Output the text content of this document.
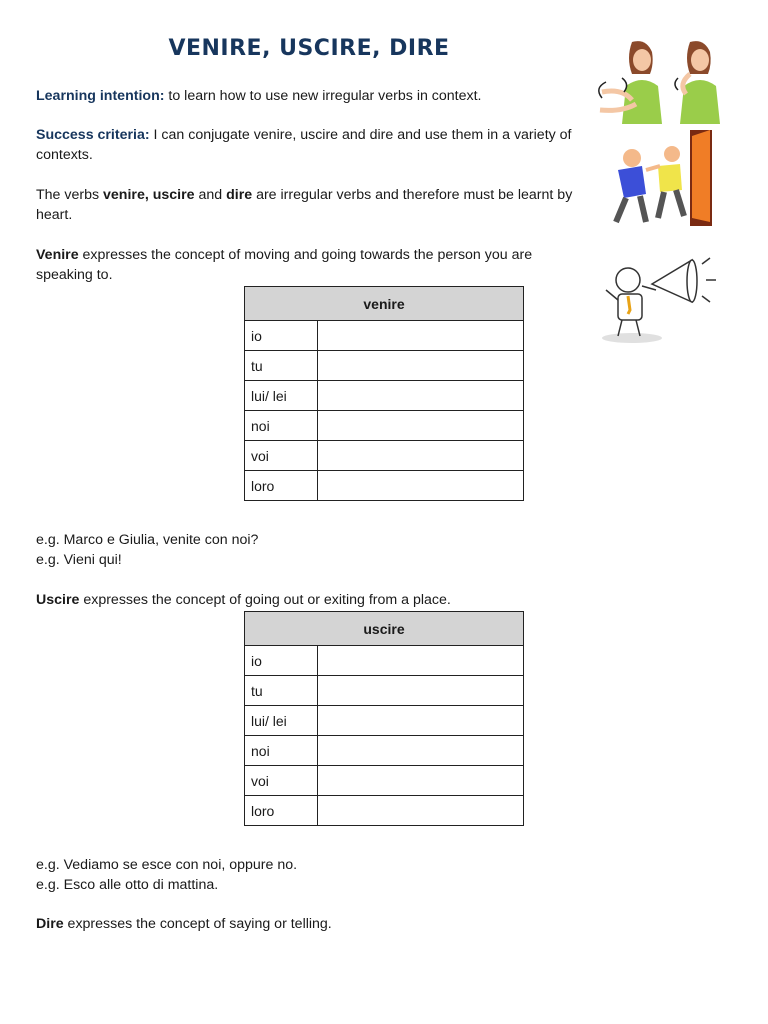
VENIRE, USCIRE, DIRE
Learning intention: to learn how to use new irregular verbs in context.
Success criteria: I can conjugate venire, uscire and dire and use them in a variety of contexts.
The verbs venire, uscire and dire are irregular verbs and therefore must be learnt by heart.
Venire expresses the concept of moving and going towards the person you are speaking to.
venire	
io	
tu	
lui/ lei	
noi	
voi	
loro	
e.g. Marco e Giulia, venite con noi?
e.g. Vieni qui!
Uscire expresses the concept of going out or exiting from a place.
uscire	
io	
tu	
lui/ lei	
noi	
voi	
loro	
e.g. Vediamo se esce con noi, oppure no.
e.g. Esco alle otto di mattina.
Dire expresses the concept of saying or telling.
